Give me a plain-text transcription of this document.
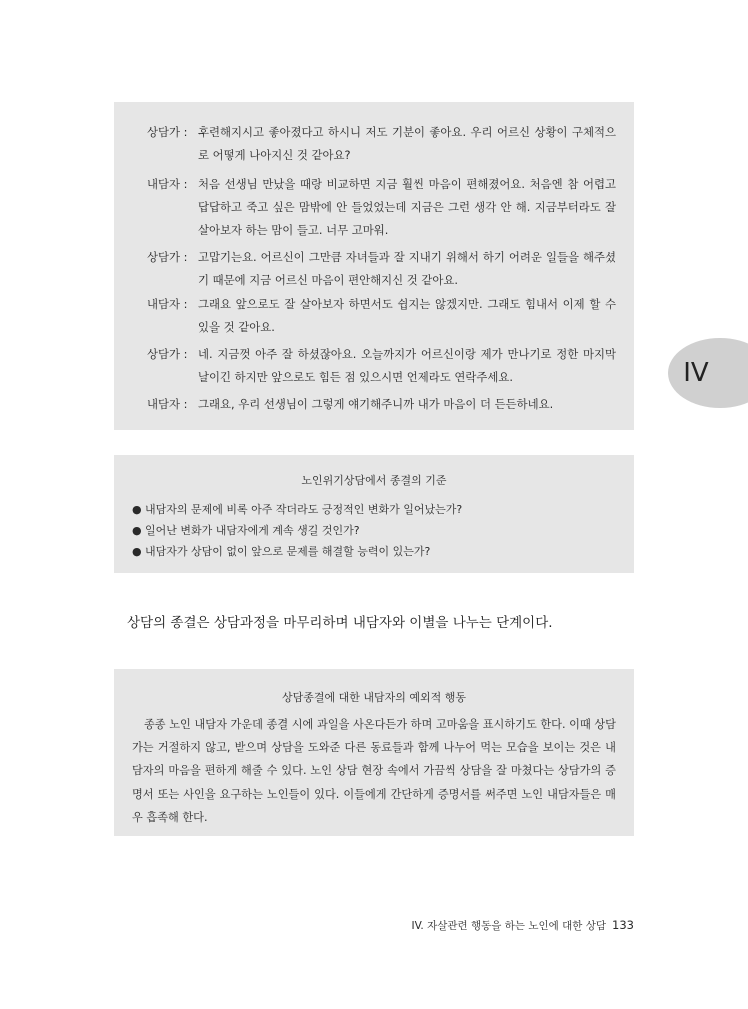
상담가 : 후련해지시고 좋아졌다고 하시니 저도 기분이 좋아요. 우리 어르신 상황이 구체적으로 어떻게 나아지신 것 같아요?
내담자 : 처음 선생님 만났을 때랑 비교하면 지금 훨씬 마음이 편해졌어요. 처음엔 참 어렵고 답답하고 죽고 싶은 맘밖에 안 들었었는데 지금은 그런 생각 안 해. 지금부터라도 잘 살아보자 하는 맘이 들고. 너무 고마워.
상담가 : 고맙기는요. 어르신이 그만큼 자녀들과 잘 지내기 위해서 하기 어려운 일들을 해주셨기 때문에 지금 어르신 마음이 편안해지신 것 같아요.
내담자 : 그래요 앞으로도 잘 살아보자 하면서도 쉽지는 않겠지만. 그래도 힘내서 이제 할 수 있을 것 같아요.
상담가 : 네. 지금껏 아주 잘 하셨잖아요. 오늘까지가 어르신이랑 제가 만나기로 정한 마지막 날이긴 하지만 앞으로도 힘든 점 있으시면 언제라도 연락주세요.
내담자 : 그래요, 우리 선생님이 그렇게 얘기해주니까 내가 마음이 더 든든하네요.
IV
노인위기상담에서 종결의 기준
● 내담자의 문제에 비록 아주 작더라도 긍정적인 변화가 일어났는가?
● 일어난 변화가 내담자에게 계속 생길 것인가?
● 내담자가 상담이 없이 앞으로 문제를 해결할 능력이 있는가?
상담의 종결은 상담과정을 마무리하며 내담자와 이별을 나누는 단계이다.
상담종결에 대한 내담자의 예외적 행동
종종 노인 내담자 가운데 종결 시에 과일을 사온다든가 하며 고마움을 표시하기도 한다. 이때 상담가는 거절하지 않고, 받으며 상담을 도와준 다른 동료들과 함께 나누어 먹는 모습을 보이는 것은 내담자의 마음을 편하게 해줄 수 있다. 노인 상담 현장 속에서 가끔씩 상담을 잘 마쳤다는 상담가의 증명서 또는 사인을 요구하는 노인들이 있다. 이들에게 간단하게 증명서를 써주면 노인 내담자들은 매우 흡족해 한다.
IV. 자살관련 행동을 하는 노인에 대한 상담 133
